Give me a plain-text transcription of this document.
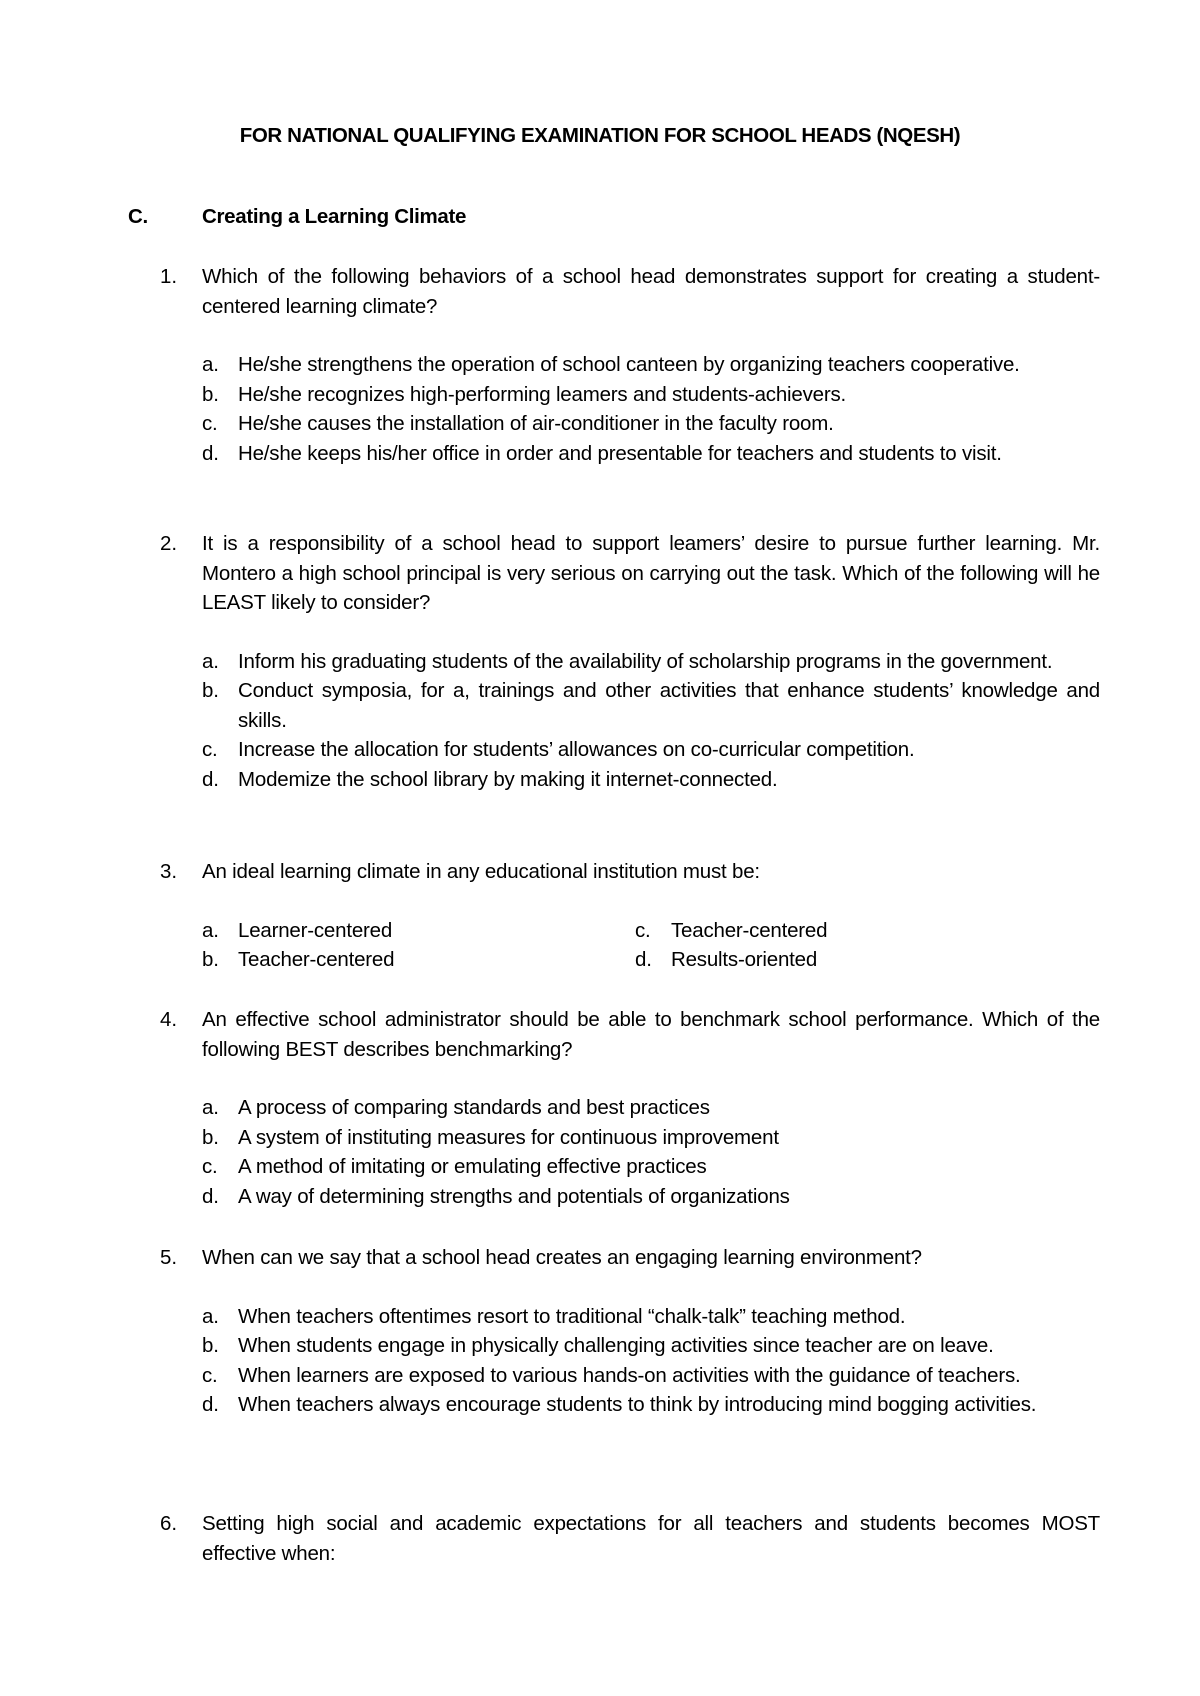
FOR NATIONAL QUALIFYING EXAMINATION FOR SCHOOL HEADS (NQESH)
C.	Creating a Learning Climate
1. Which of the following behaviors of a school head demonstrates support for creating a student-centered learning climate?
a. He/she strengthens the operation of school canteen by organizing teachers cooperative.
b. He/she recognizes high-performing leamers and students-achievers.
c. He/she causes the installation of air-conditioner in the faculty room.
d. He/she keeps his/her office in order and presentable for teachers and students to visit.
2. It is a responsibility of a school head to support leamers’ desire to pursue further learning. Mr. Montero a high school principal is very serious on carrying out the task. Which of the following will he LEAST likely to consider?
a. Inform his graduating students of the availability of scholarship programs in the government.
b. Conduct symposia, for a, trainings and other activities that enhance students’ knowledge and skills.
c. Increase the allocation for students’ allowances on co-curricular competition.
d. Modemize the school library by making it internet-connected.
3. An ideal learning climate in any educational institution must be:
a. Learner-centered	c. Teacher-centered
b. Teacher-centered	d. Results-oriented
4. An effective school administrator should be able to benchmark school performance. Which of the following BEST describes benchmarking?
a. A process of comparing standards and best practices
b. A system of instituting measures for continuous improvement
c. A method of imitating or emulating effective practices
d. A way of determining strengths and potentials of organizations
5. When can we say that a school head creates an engaging learning environment?
a. When teachers oftentimes resort to traditional “chalk-talk” teaching method.
b. When students engage in physically challenging activities since teacher are on leave.
c. When learners are exposed to various hands-on activities with the guidance of teachers.
d. When teachers always encourage students to think by introducing mind bogging activities.
6. Setting high social and academic expectations for all teachers and students becomes MOST effective when:
